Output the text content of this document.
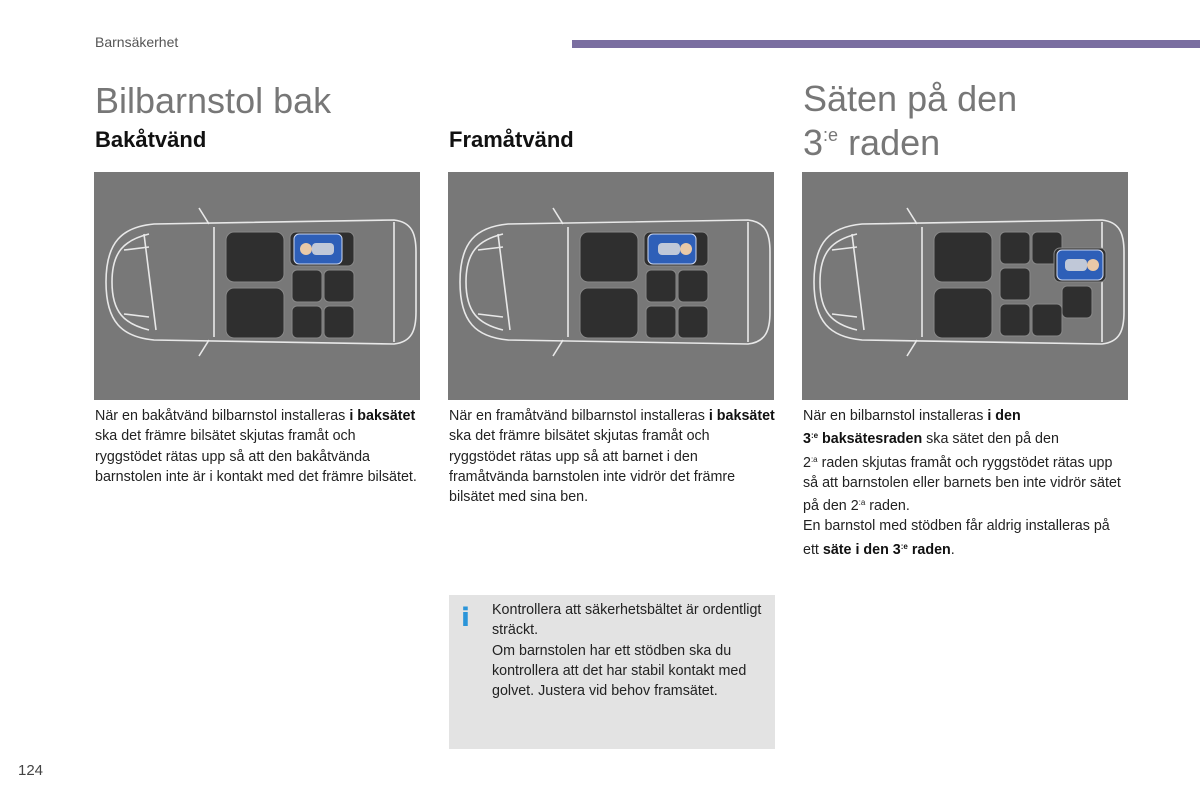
Barnsäkerhet
Bilbarnstol bak	Säten på den
$3^{:e}$ raden
Bakåtvänd	Framåtvänd
När en bakåtvänd bilbarnstol installeras i baksätet ska det främre bilsätet skjutas framåt och ryggstödet rätas upp så att den bakåtvända barnstolen inte är i kontakt med det främre bilsätet.
När en framåtvänd bilbarnstol installeras i baksätet ska det främre bilsätet skjutas framåt och ryggstödet rätas upp så att barnet i den framåtvända barnstolen inte vidrör det främre bilsätet med sina ben.
När en bilbarnstol installeras i den
$3^{:e}$ baksätesraden ska sätet den på den
$2^{:a}$ raden skjutas framåt och ryggstödet rätas upp så att barnstolen eller barnets ben inte vidrör sätet på den $2^{:a}$ raden.
En barnstol med stödben får aldrig installeras på ett säte i den $3^{:e}$ raden.
i Kontrollera att säkerhetsbältet är ordentligt sträckt.
Om barnstolen har ett stödben ska du kontrollera att det har stabil kontakt med golvet. Justera vid behov framsätet.
124
